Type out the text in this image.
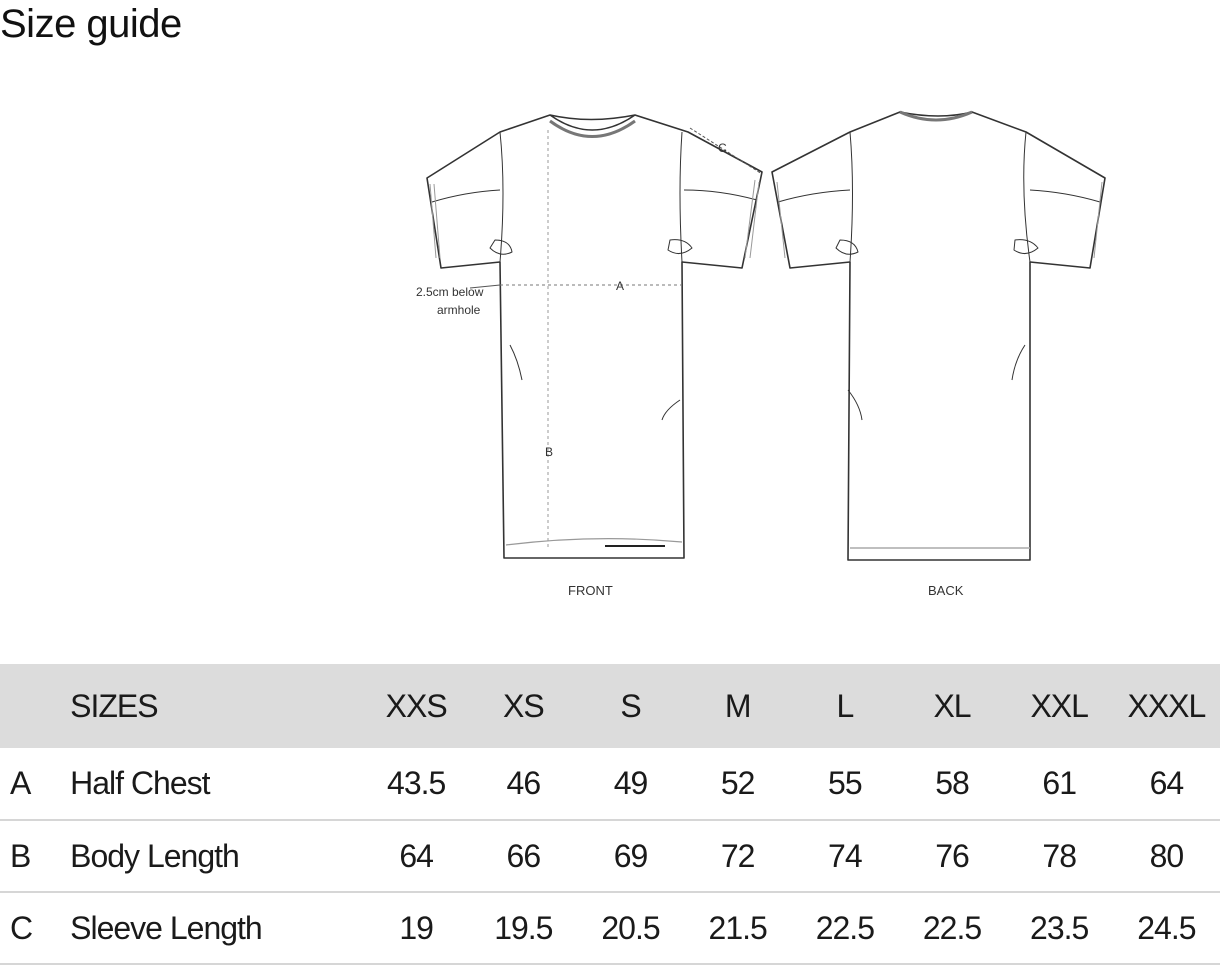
Size guide
A
B
C
2.5cm below
armhole
FRONT	BACK
	SIZES	XXS	XS	S	M	L	XL	XXL	XXXL
A	Half Chest	43.5	46	49	52	55	58	61	64
B	Body Length	64	66	69	72	74	76	78	80
C	Sleeve Length	19	19.5	20.5	21.5	22.5	22.5	23.5	24.5
